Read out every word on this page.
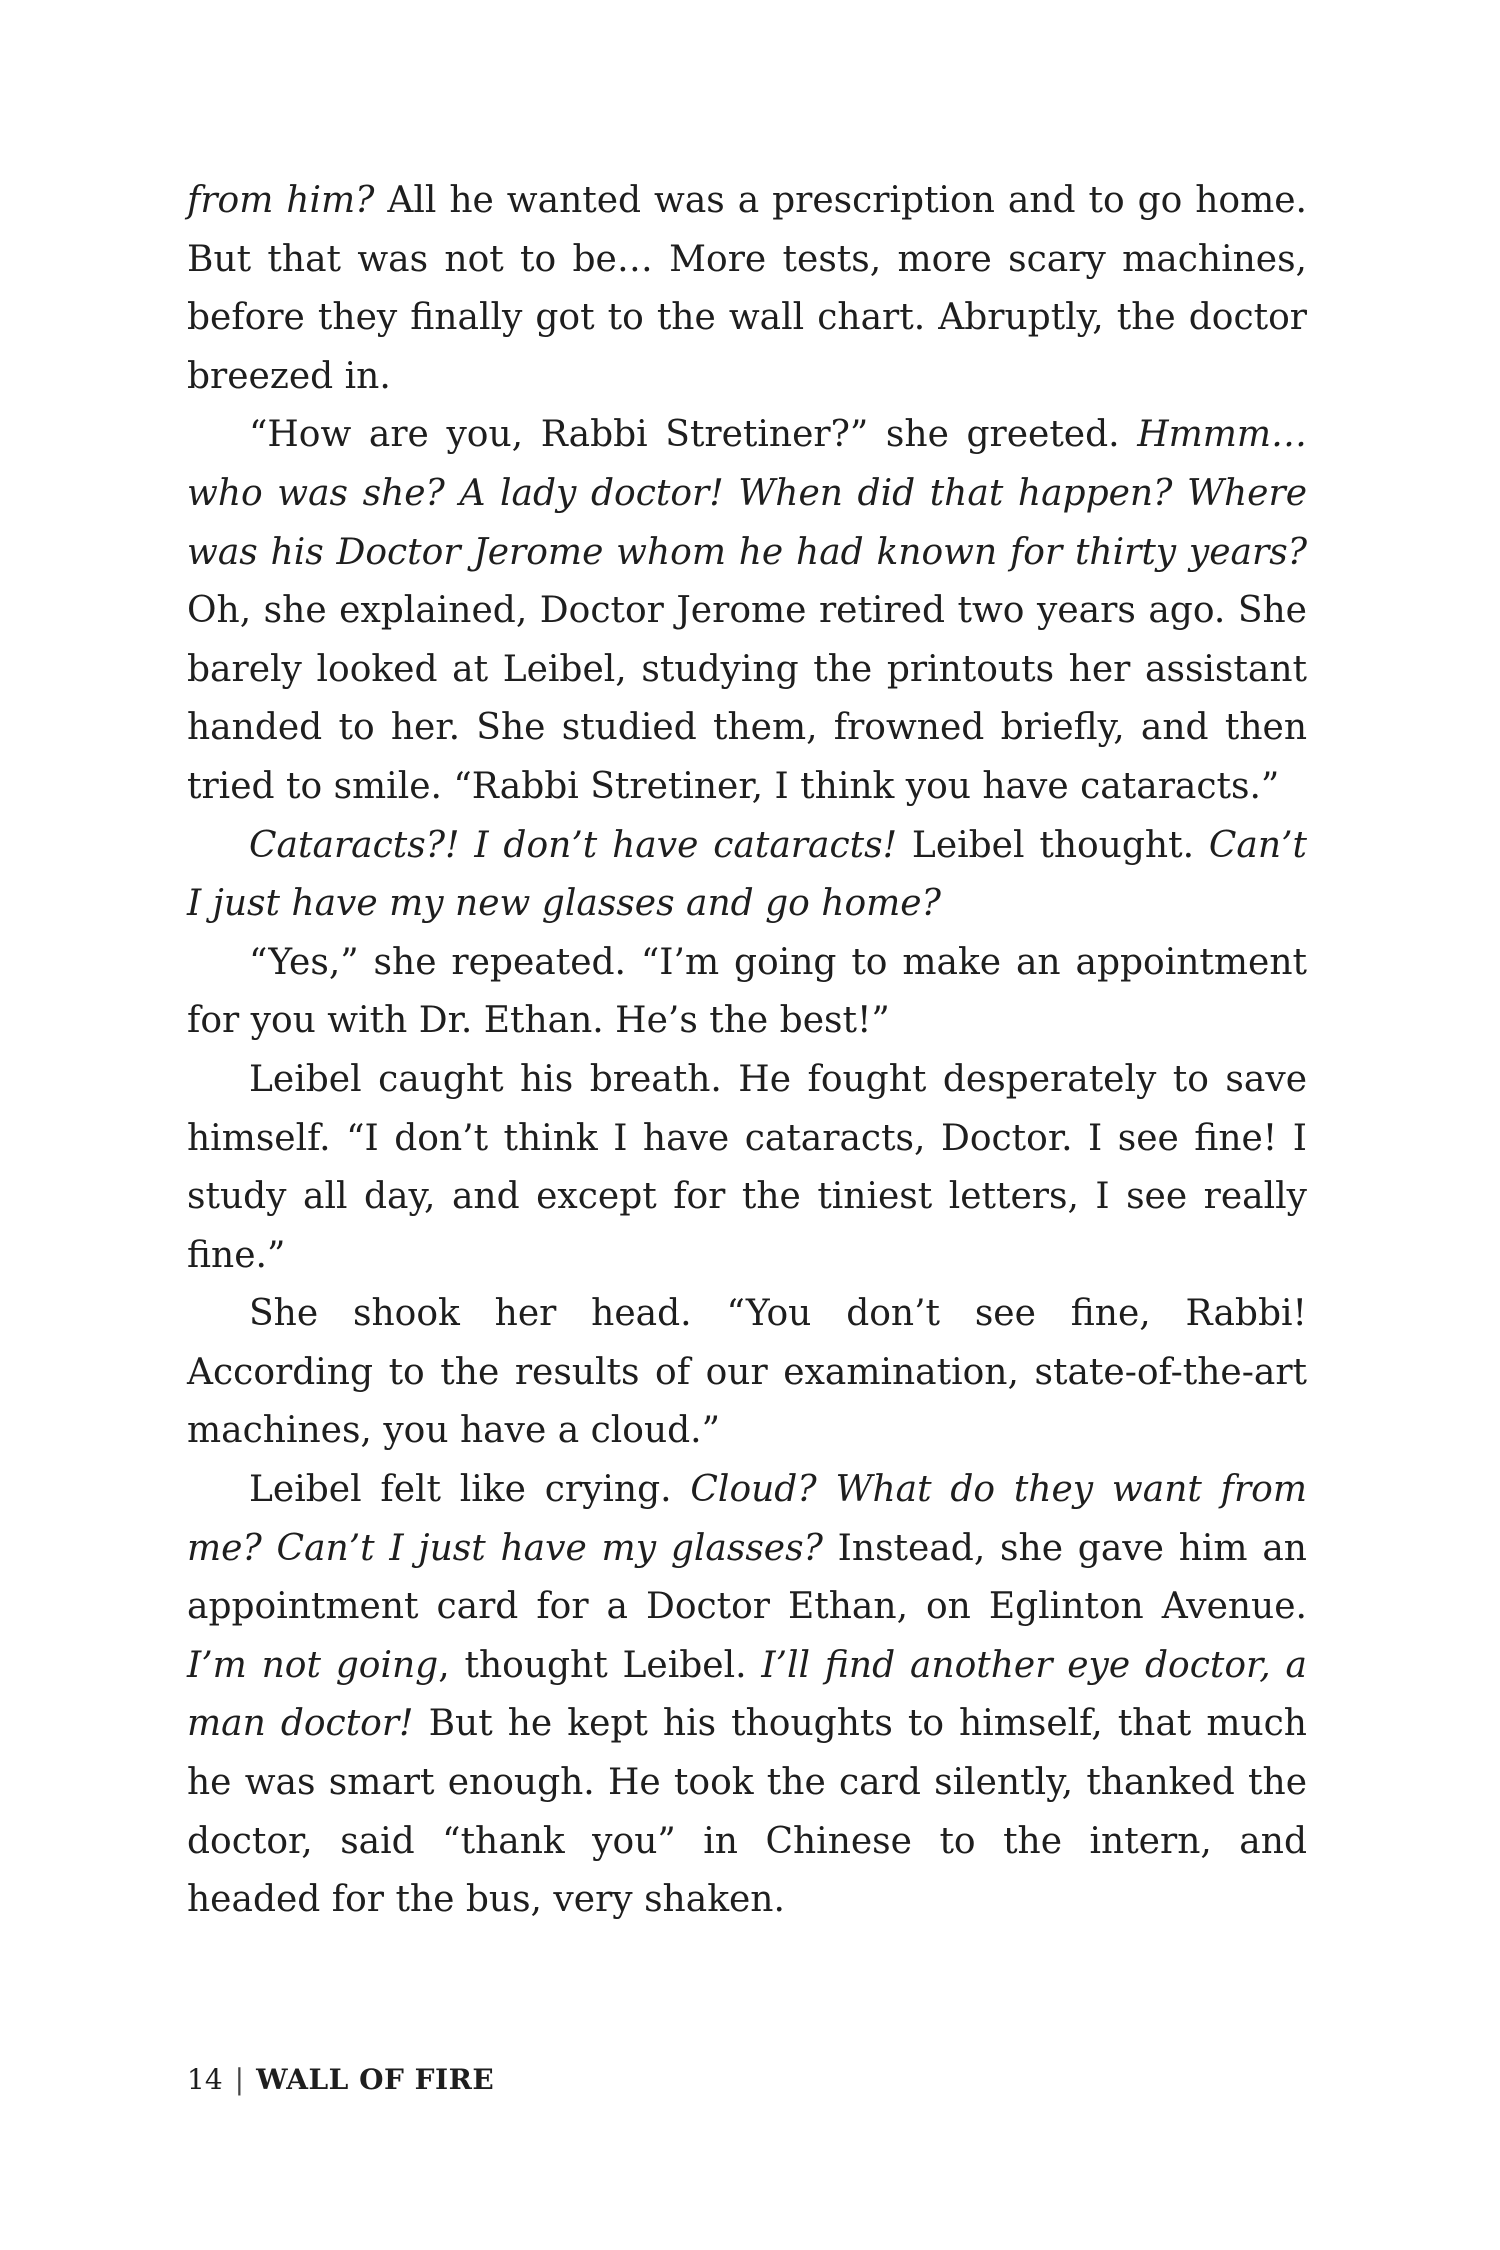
from him? All he wanted was a prescription and to go home. But that was not to be… More tests, more scary machines, before they finally got to the wall chart. Abruptly, the doctor breezed in.

“How are you, Rabbi Stretiner?” she greeted. Hmmm…who was she? A lady doctor! When did that happen? Where was his Doctor Jerome whom he had known for thirty years? Oh, she explained, Doctor Jerome retired two years ago. She barely looked at Leibel, studying the printouts her assistant handed to her. She studied them, frowned briefly, and then tried to smile. “Rabbi Stretiner, I think you have cataracts.”

Cataracts?! I don’t have cataracts! Leibel thought. Can’t I just have my new glasses and go home?

“Yes,” she repeated. “I’m going to make an appointment for you with Dr. Ethan. He’s the best!”

Leibel caught his breath. He fought desperately to save himself. “I don’t think I have cataracts, Doctor. I see fine! I study all day, and except for the tiniest letters, I see really fine.”

She shook her head. “You don’t see fine, Rabbi! According to the results of our examination, state-of-the-art machines, you have a cloud.”

Leibel felt like crying. Cloud? What do they want from me? Can’t I just have my glasses? Instead, she gave him an appointment card for a Doctor Ethan, on Eglinton Avenue. I’m not going, thought Leibel. I’ll find another eye doctor, a man doctor! But he kept his thoughts to himself, that much he was smart enough. He took the card silently, thanked the doctor, said “thank you” in Chinese to the intern, and headed for the bus, very shaken.

14 | WALL OF FIRE
